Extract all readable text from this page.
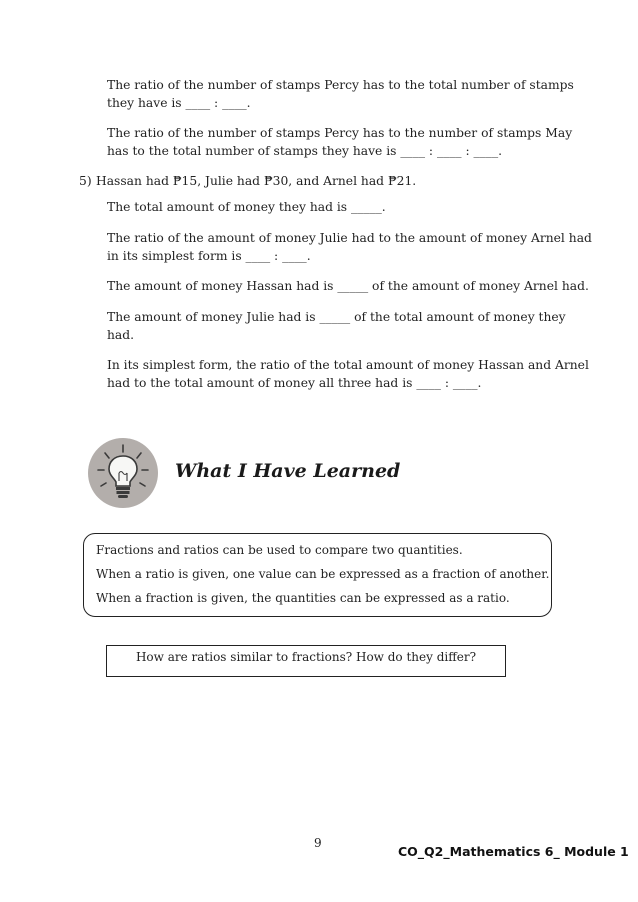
The ratio of the number of stamps Percy has to the total number of stamps
they have is ____ : ____.
The ratio of the number of stamps Percy has to the number of stamps May
has to the total number of stamps they have is ____ : ____ : ____.
5) Hassan had ₱15, Julie had ₱30, and Arnel had ₱21.
The total amount of money they had is _____.
The ratio of the amount of money Julie had to the amount of money Arnel had
in its simplest form is ____ : ____.
The amount of money Hassan had is _____ of the amount of money Arnel had.
The amount of money Julie had is _____ of the total amount of money they
had.
In its simplest form, the ratio of the total amount of money Hassan and Arnel
had to the total amount of money all three had is ____ : ____.
What I Have Learned
Fractions and ratios can be used to compare two quantities.
When a ratio is given, one value can be expressed as a fraction of another.
When a fraction is given, the quantities can be expressed as a ratio.
How are ratios similar to fractions? How do they differ?
9
CO_Q2_Mathematics 6_ Module 1
